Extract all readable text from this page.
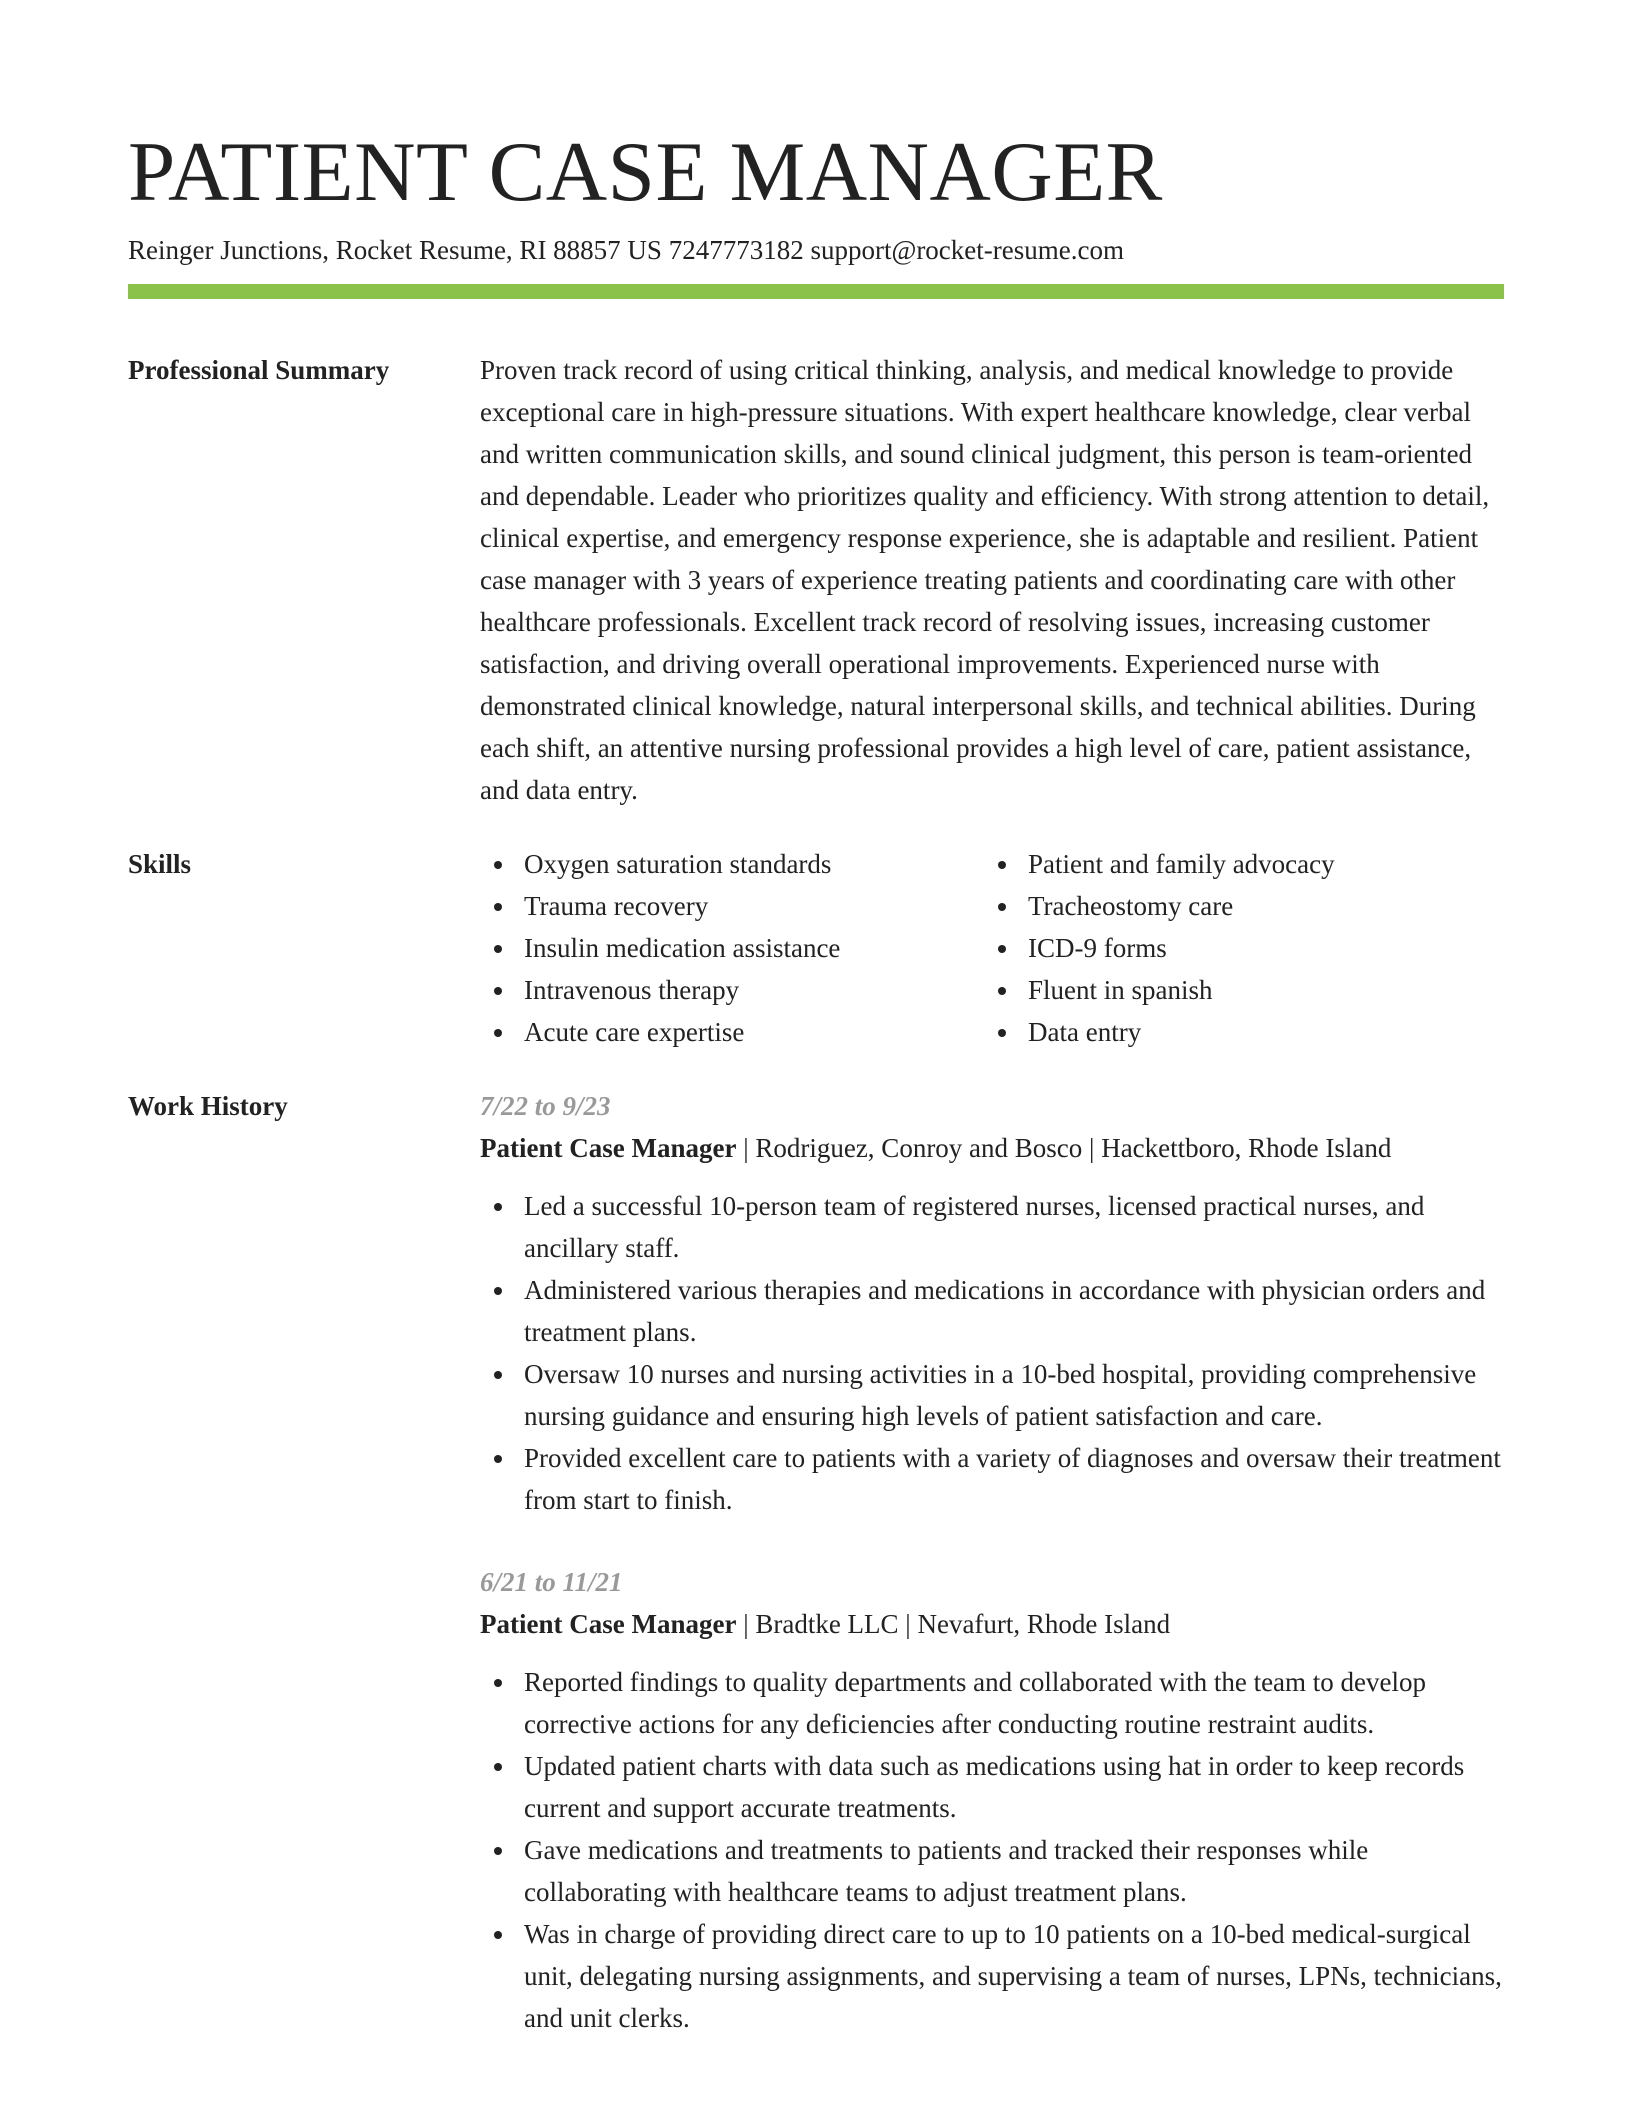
PATIENT CASE MANAGER
Reinger Junctions, Rocket Resume, RI 88857 US 7247773182 support@rocket-resume.com
Professional Summary	Proven track record of using critical thinking, analysis, and medical knowledge to provide exceptional care in high-pressure situations. With expert healthcare knowledge, clear verbal and written communication skills, and sound clinical judgment, this person is team-oriented and dependable. Leader who prioritizes quality and efficiency. With strong attention to detail, clinical expertise, and emergency response experience, she is adaptable and resilient. Patient case manager with 3 years of experience treating patients and coordinating care with other healthcare professionals. Excellent track record of resolving issues, increasing customer satisfaction, and driving overall operational improvements. Experienced nurse with demonstrated clinical knowledge, natural interpersonal skills, and technical abilities. During each shift, an attentive nursing professional provides a high level of care, patient assistance, and data entry.

Skills	Oxygen saturation standards
Trauma recovery
Insulin medication assistance
Intravenous therapy
Acute care expertise
Patient and family advocacy
Tracheostomy care
ICD-9 forms
Fluent in spanish
Data entry
Work History	7/22 to 9/23
Patient Case Manager | Rodriguez, Conroy and Bosco | Hackettboro, Rhode Island
Led a successful 10-person team of registered nurses, licensed practical nurses, and ancillary staff.
Administered various therapies and medications in accordance with physician orders and treatment plans.
Oversaw 10 nurses and nursing activities in a 10-bed hospital, providing comprehensive nursing guidance and ensuring high levels of patient satisfaction and care.
Provided excellent care to patients with a variety of diagnoses and oversaw their treatment from start to finish.
6/21 to 11/21
Patient Case Manager | Bradtke LLC | Nevafurt, Rhode Island
Reported findings to quality departments and collaborated with the team to develop corrective actions for any deficiencies after conducting routine restraint audits.
Updated patient charts with data such as medications using hat in order to keep records current and support accurate treatments.
Gave medications and treatments to patients and tracked their responses while collaborating with healthcare teams to adjust treatment plans.
Was in charge of providing direct care to up to 10 patients on a 10-bed medical-surgical unit, delegating nursing assignments, and supervising a team of nurses, LPNs, technicians, and unit clerks.
